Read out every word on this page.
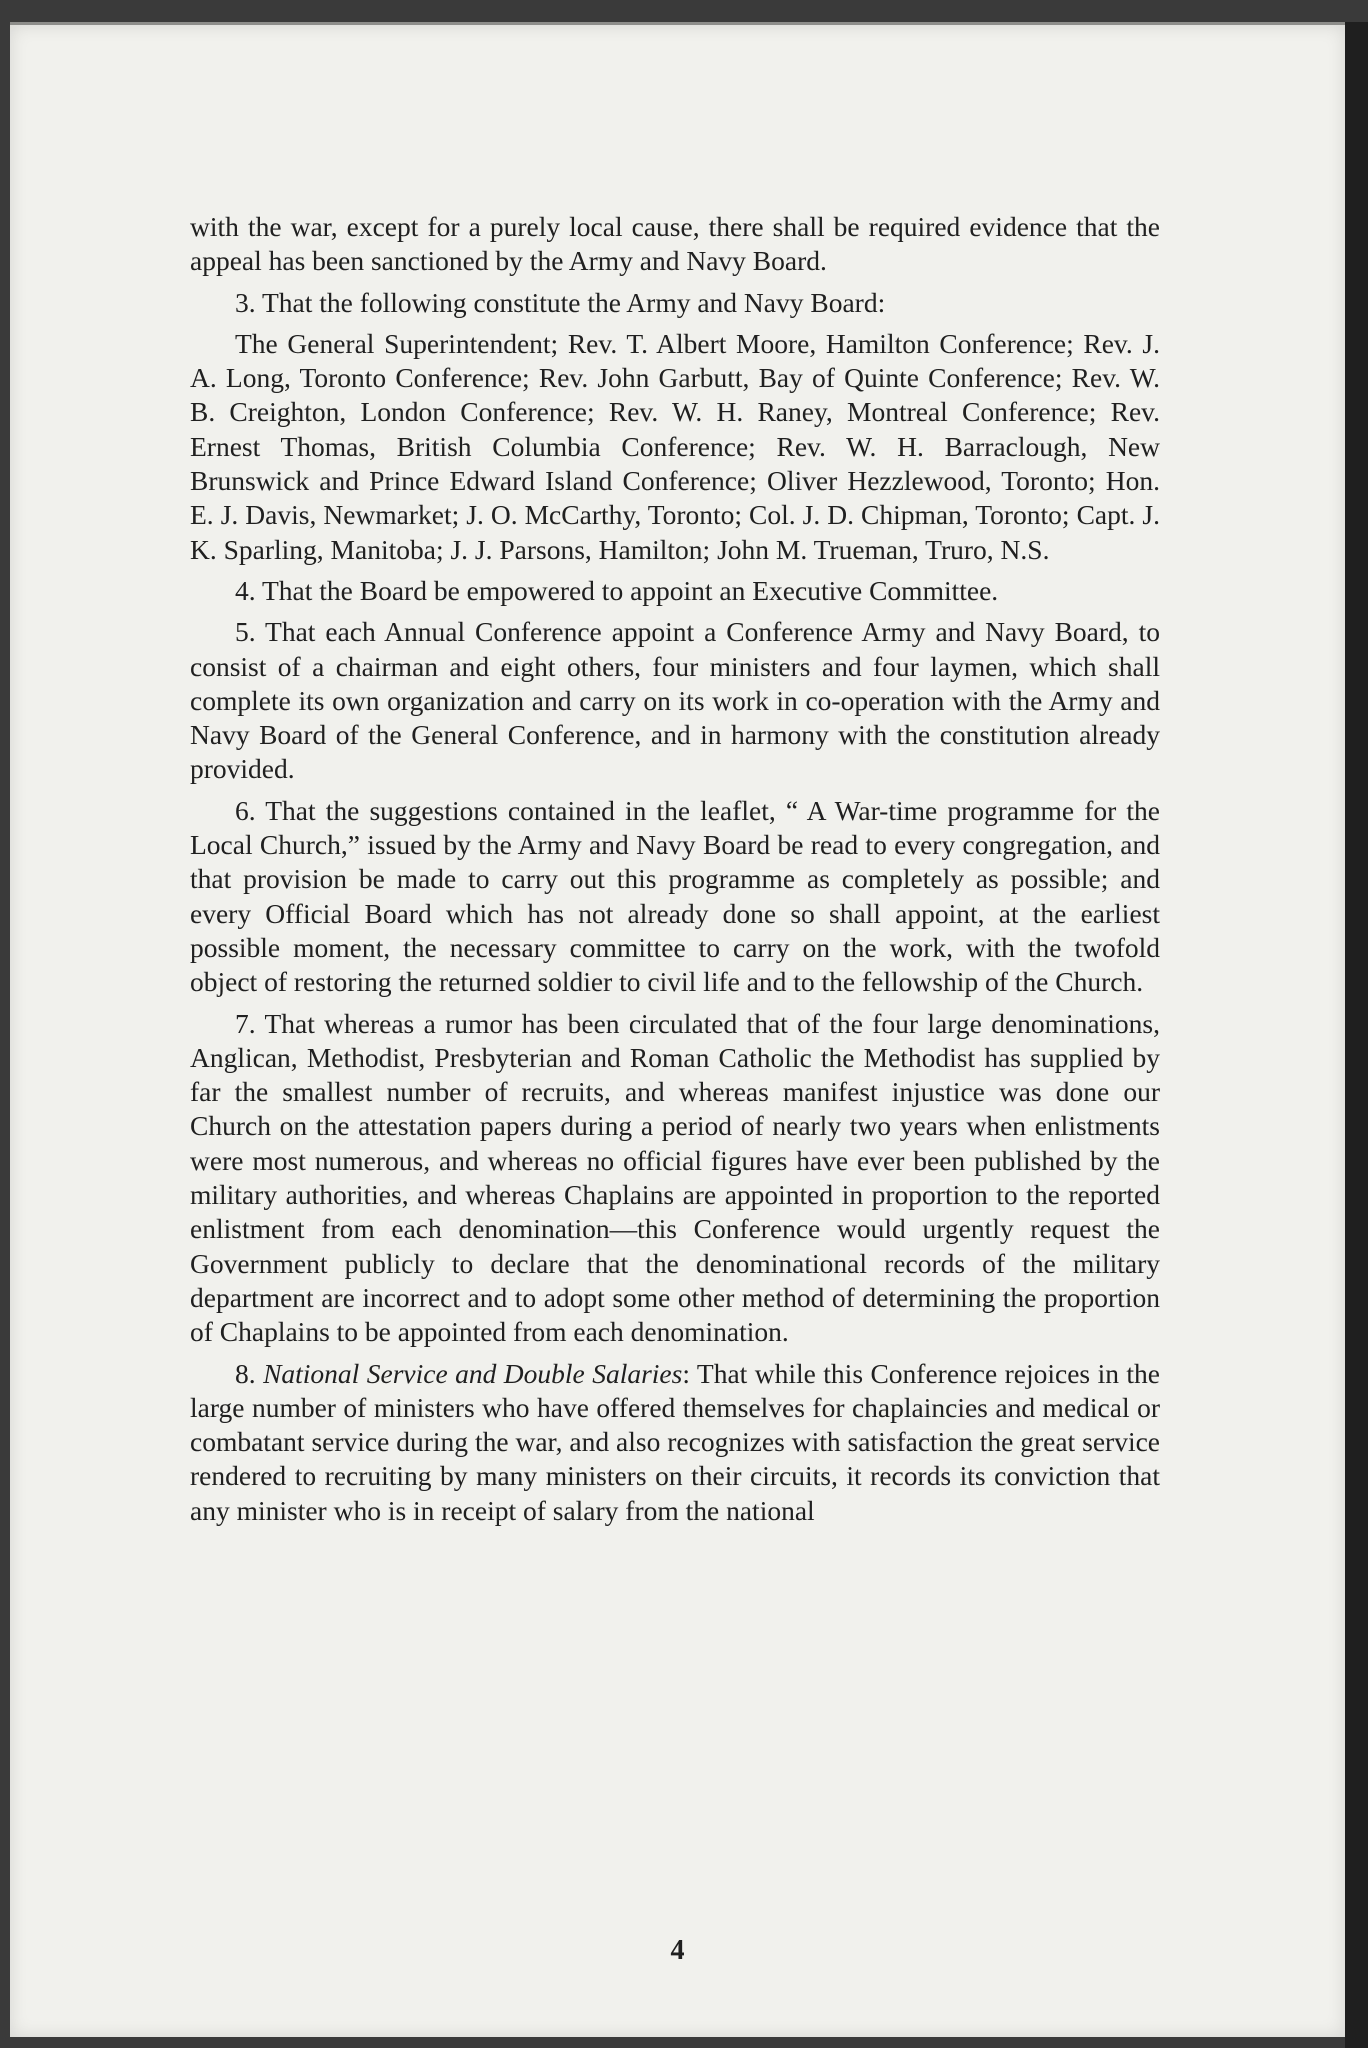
with the war, except for a purely local cause, there shall be required evidence that the appeal has been sanctioned by the Army and Navy Board.

3. That the following constitute the Army and Navy Board:

The General Superintendent; Rev. T. Albert Moore, Hamilton Conference; Rev. J. A. Long, Toronto Conference; Rev. John Garbutt, Bay of Quinte Conference; Rev. W. B. Creighton, London Conference; Rev. W. H. Raney, Montreal Conference; Rev. Ernest Thomas, British Columbia Conference; Rev. W. H. Barraclough, New Brunswick and Prince Edward Island Conference; Oliver Hezzlewood, Toronto; Hon. E. J. Davis, Newmarket; J. O. McCarthy, Toronto; Col. J. D. Chipman, Toronto; Capt. J. K. Sparling, Manitoba; J. J. Parsons, Hamilton; John M. Trueman, Truro, N.S.

4. That the Board be empowered to appoint an Executive Committee.

5. That each Annual Conference appoint a Conference Army and Navy Board, to consist of a chairman and eight others, four ministers and four laymen, which shall complete its own organization and carry on its work in co-operation with the Army and Navy Board of the General Conference, and in harmony with the constitution already provided.

6. That the suggestions contained in the leaflet, “ A War-time programme for the Local Church,” issued by the Army and Navy Board be read to every congregation, and that provision be made to carry out this programme as completely as possible; and every Official Board which has not already done so shall appoint, at the earliest possible moment, the necessary committee to carry on the work, with the twofold object of restoring the returned soldier to civil life and to the fellowship of the Church.

7. That whereas a rumor has been circulated that of the four large denominations, Anglican, Methodist, Presbyterian and Roman Catholic the Methodist has supplied by far the smallest number of recruits, and whereas manifest injustice was done our Church on the attestation papers during a period of nearly two years when enlistments were most numerous, and whereas no official figures have ever been published by the military authorities, and whereas Chaplains are appointed in proportion to the reported enlistment from each denomination—this Conference would urgently request the Government publicly to declare that the denominational records of the military department are incorrect and to adopt some other method of determining the proportion of Chaplains to be appointed from each denomination.

8. National Service and Double Salaries: That while this Conference rejoices in the large number of ministers who have offered themselves for chaplaincies and medical or combatant service during the war, and also recognizes with satisfaction the great service rendered to recruiting by many ministers on their circuits, it records its conviction that any minister who is in receipt of salary from the national

4
